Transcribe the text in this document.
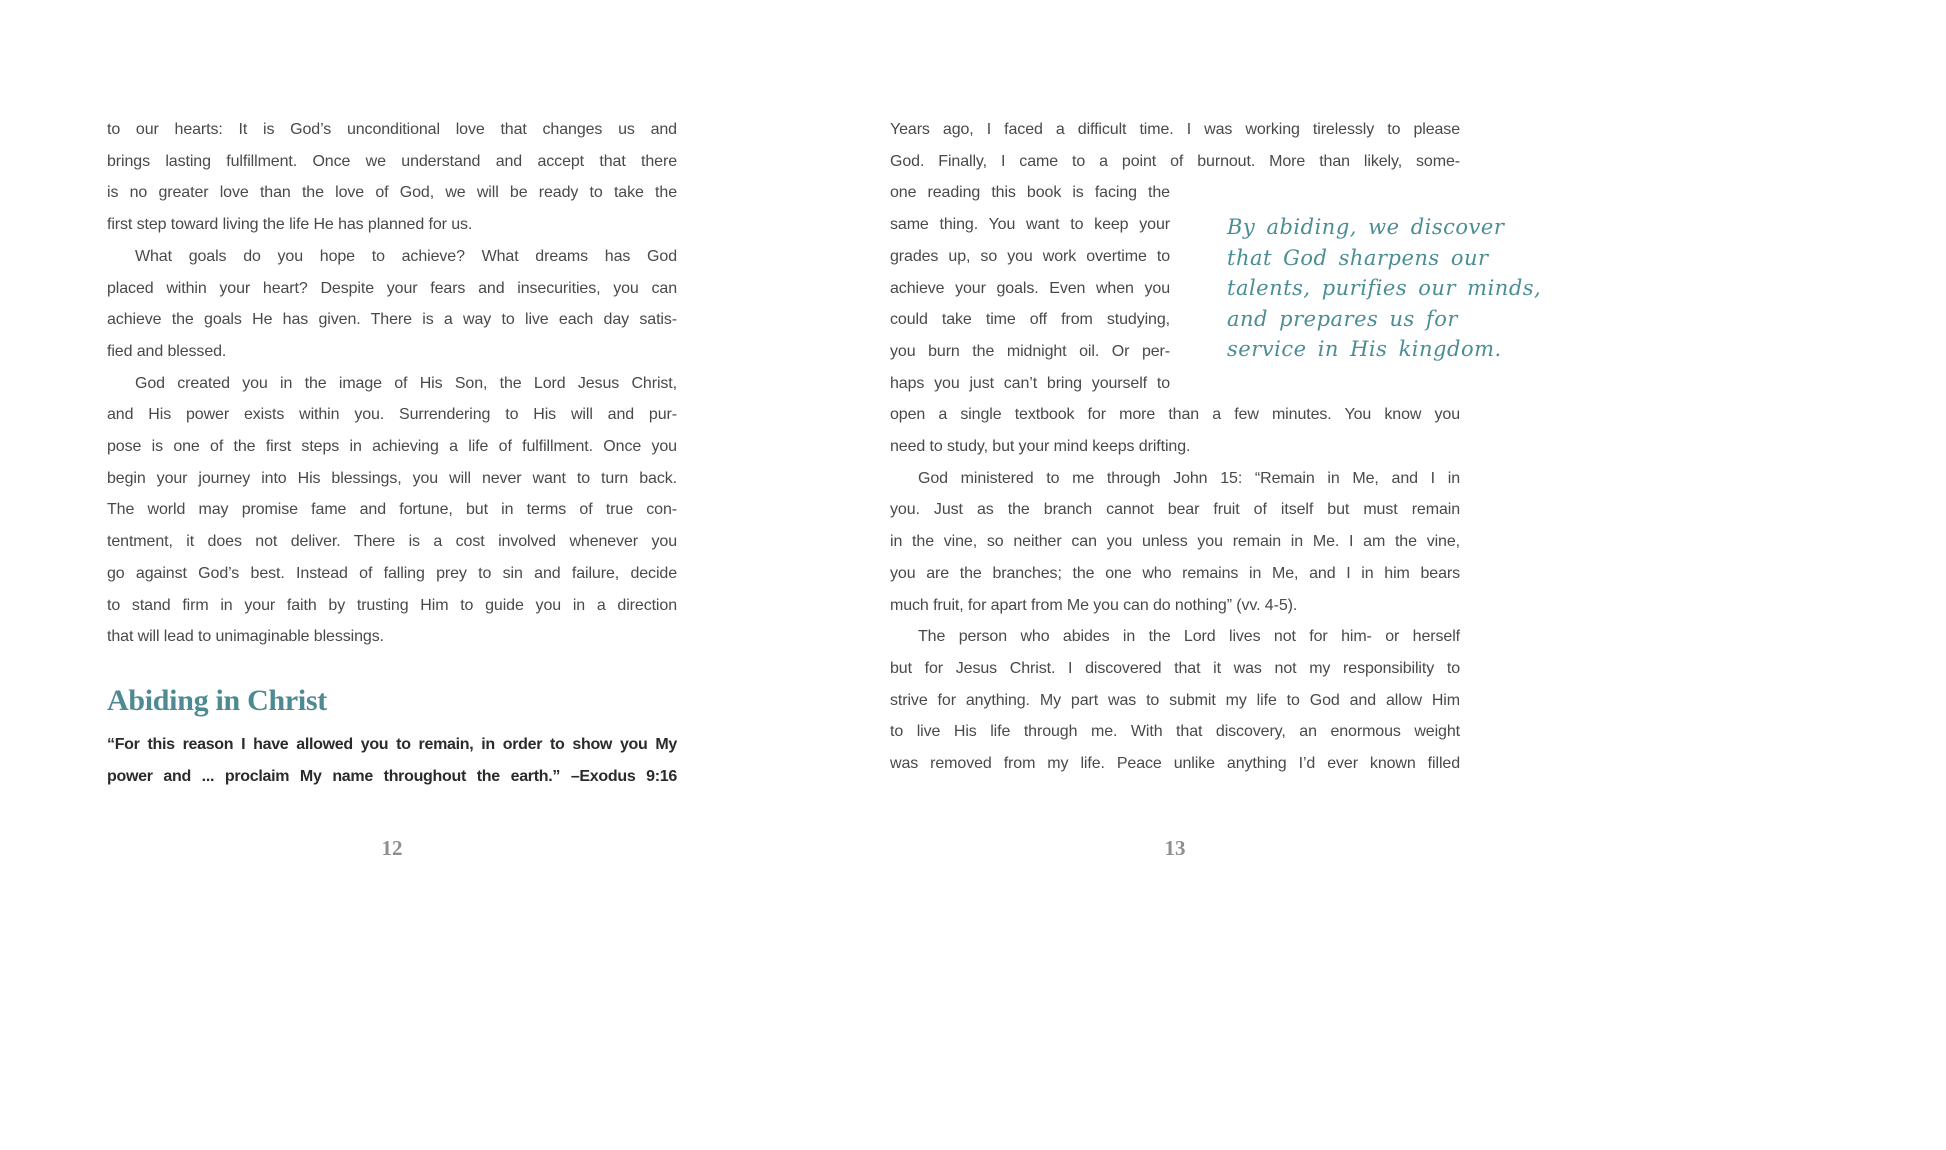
to our hearts: It is God’s unconditional love that changes us and
brings lasting fulfillment. Once we understand and accept that there
is no greater love than the love of God, we will be ready to take the
first step toward living the life He has planned for us.
What goals do you hope to achieve? What dreams has God
placed within your heart? Despite your fears and insecurities, you can
achieve the goals He has given. There is a way to live each day satis-
fied and blessed.
God created you in the image of His Son, the Lord Jesus Christ,
and His power exists within you. Surrendering to His will and pur-
pose is one of the first steps in achieving a life of fulfillment. Once you
begin your journey into His blessings, you will never want to turn back.
The world may promise fame and fortune, but in terms of true con-
tentment, it does not deliver. There is a cost involved whenever you
go against God’s best. Instead of falling prey to sin and failure, decide
to stand firm in your faith by trusting Him to guide you in a direction
that will lead to unimaginable blessings.
Abiding in Christ
“For this reason I have allowed you to remain, in order to show you My
power and ... proclaim My name throughout the earth.” –Exodus 9:16
12
Years ago, I faced a difficult time. I was working tirelessly to please
God. Finally, I came to a point of burnout. More than likely, some-
one reading this book is facing the
same thing. You want to keep your
grades up, so you work overtime to
achieve your goals. Even when you
could take time off from studying,
you burn the midnight oil. Or per-
haps you just can’t bring yourself to
open a single textbook for more than a few minutes. You know you
need to study, but your mind keeps drifting.
God ministered to me through John 15: “Remain in Me, and I in
you. Just as the branch cannot bear fruit of itself but must remain
in the vine, so neither can you unless you remain in Me. I am the vine,
you are the branches; the one who remains in Me, and I in him bears
much fruit, for apart from Me you can do nothing” (vv. 4-5).
The person who abides in the Lord lives not for him- or herself
but for Jesus Christ. I discovered that it was not my responsibility to
strive for anything. My part was to submit my life to God and allow Him
to live His life through me. With that discovery, an enormous weight
was removed from my life. Peace unlike anything I’d ever known filled
By abiding, we discover
that God sharpens our
talents, purifies our minds,
and prepares us for
service in His kingdom.
13
